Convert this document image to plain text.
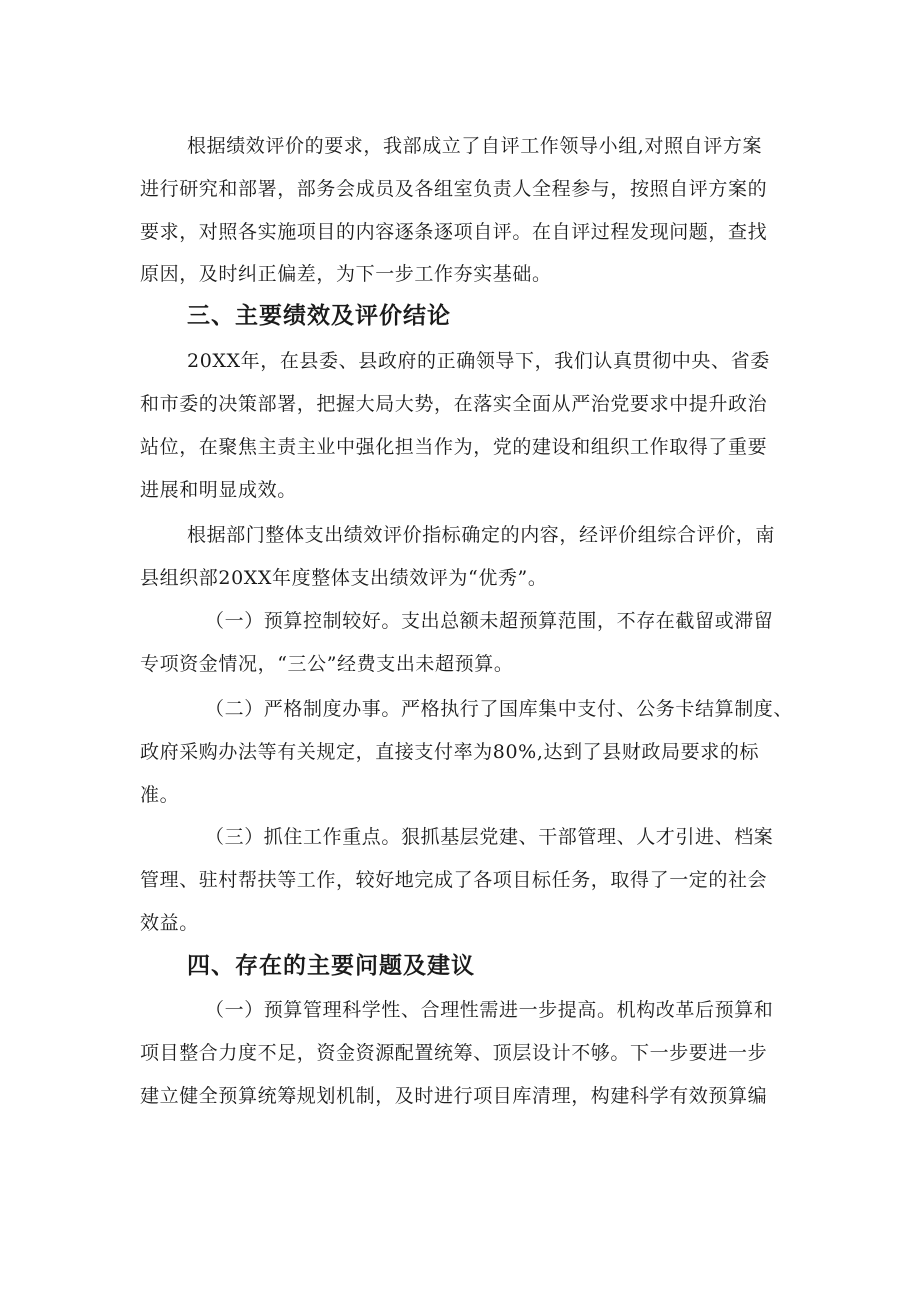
根据绩效评价的要求，我部成立了自评工作领导小组,对照自评方案
进行研究和部署，部务会成员及各组室负责人全程参与，按照自评方案的
要求，对照各实施项目的内容逐条逐项自评。在自评过程发现问题，查找
原因，及时纠正偏差，为下一步工作夯实基础。
三、主要绩效及评价结论
20XX年，在县委、县政府的正确领导下，我们认真贯彻中央、省委
和市委的决策部署，把握大局大势，在落实全面从严治党要求中提升政治
站位，在聚焦主责主业中强化担当作为，党的建设和组织工作取得了重要
进展和明显成效。
根据部门整体支出绩效评价指标确定的内容，经评价组综合评价，南
县组织部20XX年度整体支出绩效评为“优秀”。
（一）预算控制较好。支出总额未超预算范围，不存在截留或滞留
专项资金情况，“三公”经费支出未超预算。
（二）严格制度办事。严格执行了国库集中支付、公务卡结算制度、
政府采购办法等有关规定，直接支付率为80%,达到了县财政局要求的标
准。
（三）抓住工作重点。狠抓基层党建、干部管理、人才引进、档案
管理、驻村帮扶等工作，较好地完成了各项目标任务，取得了一定的社会
效益。
四、存在的主要问题及建议
（一）预算管理科学性、合理性需进一步提高。机构改革后预算和
项目整合力度不足，资金资源配置统筹、顶层设计不够。下一步要进一步
建立健全预算统筹规划机制，及时进行项目库清理，构建科学有效预算编
